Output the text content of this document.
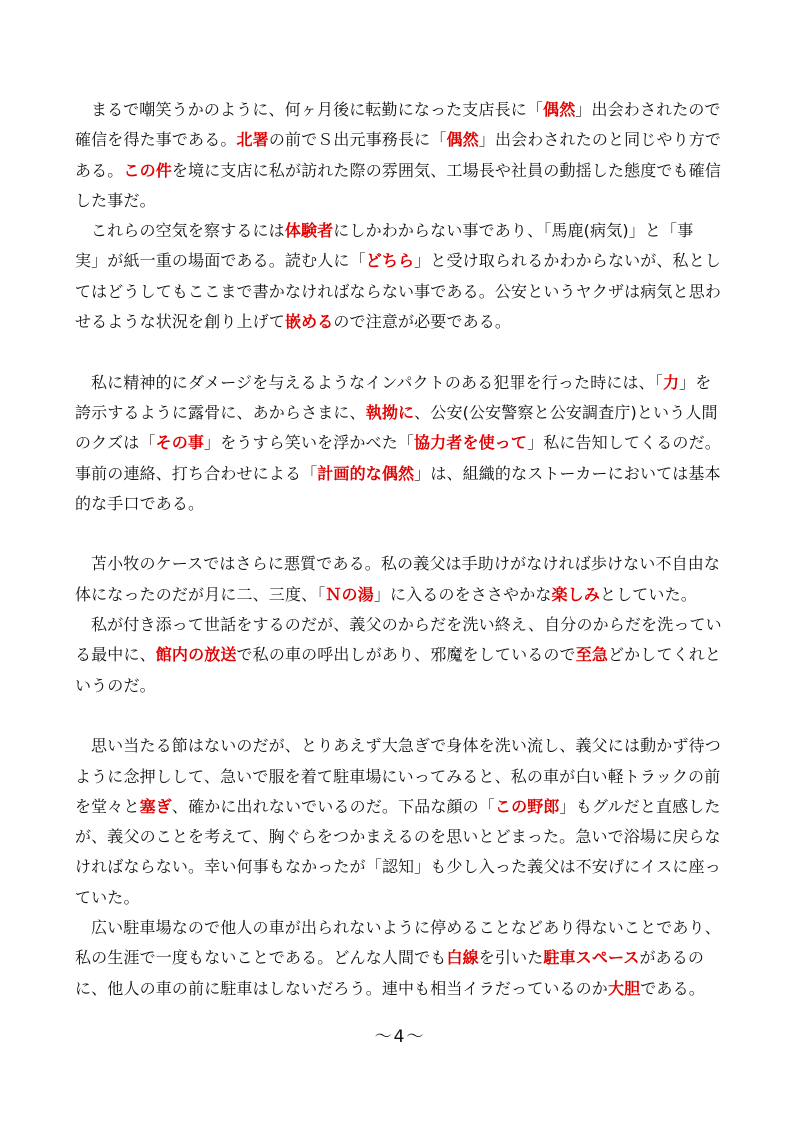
まるで嘲笑うかのように、何ヶ月後に転勤になった支店長に「偶然」出会わされたので
確信を得た事である。北署の前でＳ出元事務長に「偶然」出会わされたのと同じやり方で
ある。この件を境に支店に私が訪れた際の雰囲気、工場長や社員の動揺した態度でも確信
した事だ。
これらの空気を察するには体験者にしかわからない事であり、「馬鹿(病気)」と「事
実」が紙一重の場面である。読む人に「どちら」と受け取られるかわからないが、私とし
てはどうしてもここまで書かなければならない事である。公安というヤクザは病気と思わ
せるような状況を創り上げて嵌めるので注意が必要である。
私に精神的にダメージを与えるようなインパクトのある犯罪を行った時には、「力」を
誇示するように露骨に、あからさまに、執拗に、公安(公安警察と公安調査庁)という人間
のクズは「その事」をうすら笑いを浮かべた「協力者を使って」私に告知してくるのだ。
事前の連絡、打ち合わせによる「計画的な偶然」は、組織的なストーカーにおいては基本
的な手口である。
苫小牧のケースではさらに悪質である。私の義父は手助けがなければ歩けない不自由な
体になったのだが月に二、三度、「Ｎの湯」に入るのをささやかな楽しみとしていた。
私が付き添って世話をするのだが、義父のからだを洗い終え、自分のからだを洗ってい
る最中に、館内の放送で私の車の呼出しがあり、邪魔をしているので至急どかしてくれと
いうのだ。
思い当たる節はないのだが、とりあえず大急ぎで身体を洗い流し、義父には動かず待つ
ように念押しして、急いで服を着て駐車場にいってみると、私の車が白い軽トラックの前
を堂々と塞ぎ、確かに出れないでいるのだ。下品な顔の「この野郎」もグルだと直感した
が、義父のことを考えて、胸ぐらをつかまえるのを思いとどまった。急いで浴場に戻らな
ければならない。幸い何事もなかったが「認知」も少し入った義父は不安げにイスに座っ
ていた。
広い駐車場なので他人の車が出られないように停めることなどあり得ないことであり、
私の生涯で一度もないことである。どんな人間でも白線を引いた駐車スペースがあるの
に、他人の車の前に駐車はしないだろう。連中も相当イラだっているのか大胆である。
～4～
